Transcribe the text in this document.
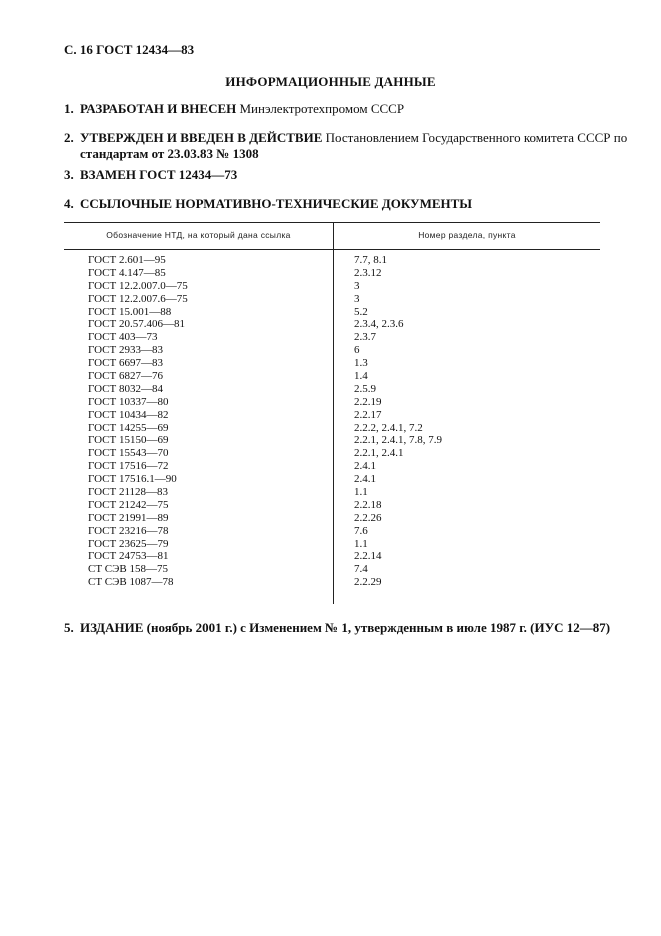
С. 16 ГОСТ 12434—83
ИНФОРМАЦИОННЫЕ ДАННЫЕ
1. РАЗРАБОТАН И ВНЕСЕН Минэлектротехпромом СССР
2. УТВЕРЖДЕН И ВВЕДЕН В ДЕЙСТВИЕ Постановлением Государственного комитета СССР по
стандартам от 23.03.83 № 1308
3. ВЗАМЕН ГОСТ 12434—73
4. ССЫЛОЧНЫЕ НОРМАТИВНО-ТЕХНИЧЕСКИЕ ДОКУМЕНТЫ
Обозначение НТД, на который дана ссылка	Номер раздела, пункта
ГОСТ 2.601—95	7.7, 8.1
ГОСТ 4.147—85	2.3.12
ГОСТ 12.2.007.0—75	3
ГОСТ 12.2.007.6—75	3
ГОСТ 15.001—88	5.2
ГОСТ 20.57.406—81	2.3.4, 2.3.6
ГОСТ 403—73	2.3.7
ГОСТ 2933—83	6
ГОСТ 6697—83	1.3
ГОСТ 6827—76	1.4
ГОСТ 8032—84	2.5.9
ГОСТ 10337—80	2.2.19
ГОСТ 10434—82	2.2.17
ГОСТ 14255—69	2.2.2, 2.4.1, 7.2
ГОСТ 15150—69	2.2.1, 2.4.1, 7.8, 7.9
ГОСТ 15543—70	2.2.1, 2.4.1
ГОСТ 17516—72	2.4.1
ГОСТ 17516.1—90	2.4.1
ГОСТ 21128—83	1.1
ГОСТ 21242—75	2.2.18
ГОСТ 21991—89	2.2.26
ГОСТ 23216—78	7.6
ГОСТ 23625—79	1.1
ГОСТ 24753—81	2.2.14
СТ СЭВ 158—75	7.4
СТ СЭВ 1087—78	2.2.29
5. ИЗДАНИЕ (ноябрь 2001 г.) с Изменением № 1, утвержденным в июле 1987 г. (ИУС 12—87)
